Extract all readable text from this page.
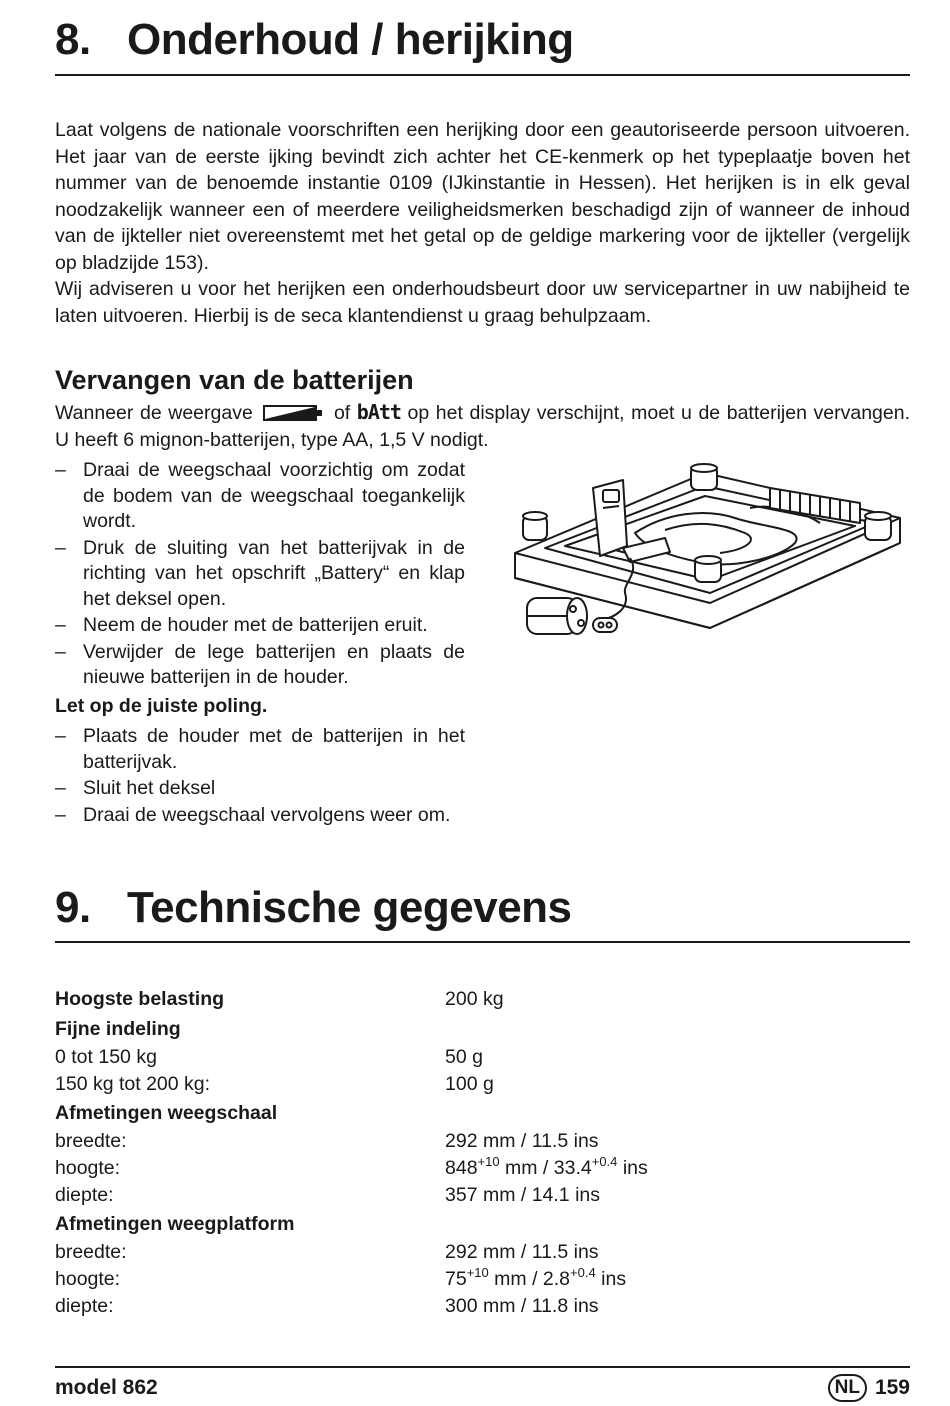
8. Onderhoud / herijking

Laat volgens de nationale voorschriften een herijking door een geautoriseerde persoon uitvoeren. Het jaar van de eerste ijking bevindt zich achter het CE-kenmerk op het typeplaatje boven het nummer van de benoemde instantie 0109 (IJkinstantie in Hessen). Het herijken is in elk geval noodzakelijk wanneer een of meerdere veiligheidsmerken beschadigd zijn of wanneer de inhoud van de ijkteller niet overeenstemt met het getal op de geldige markering voor de ijkteller (vergelijk op bladzijde 153).

Wij adviseren u voor het herijken een onderhoudsbeurt door uw servicepartner in uw nabijheid te laten uitvoeren. Hierbij is de seca klantendienst u graag behulpzaam.

Vervangen van de batterijen

Wanneer de weergave	of bAtt op het display verschijnt, moet u de batterijen vervangen. U heeft 6 mignon-batterijen, type AA, 1,5 V nodigt.

– Draai de weegschaal voorzichtig om zodat de bodem van de weegschaal toegankelijk wordt.
– Druk de sluiting van het batterijvak in de richting van het opschrift „Battery“ en klap het deksel open.
– Neem de houder met de batterijen eruit.
– Verwijder de lege batterijen en plaats de nieuwe batterijen in de houder.
Let op de juiste poling.
– Plaats de houder met de batterijen in het batterijvak.
– Sluit het deksel
– Draai de weegschaal vervolgens weer om.
9. Technische gegevens
Hoogste belasting	200 kg
Fijne indeling
0 tot 150 kg	50 g
150 kg tot 200 kg:	100 g
Afmetingen weegschaal
breedte:	292 mm / 11.5 ins
hoogte:	$848^{+10}$ mm / $33.4^{+0.4}$ ins
diepte:	357 mm / 14.1 ins
Afmetingen weegplatform
breedte:	292 mm / 11.5 ins
hoogte:	$75^{+10}$ mm / $2.8^{+0.4}$ ins
diepte:	300 mm / 11.8 ins
model 862	NL 159
